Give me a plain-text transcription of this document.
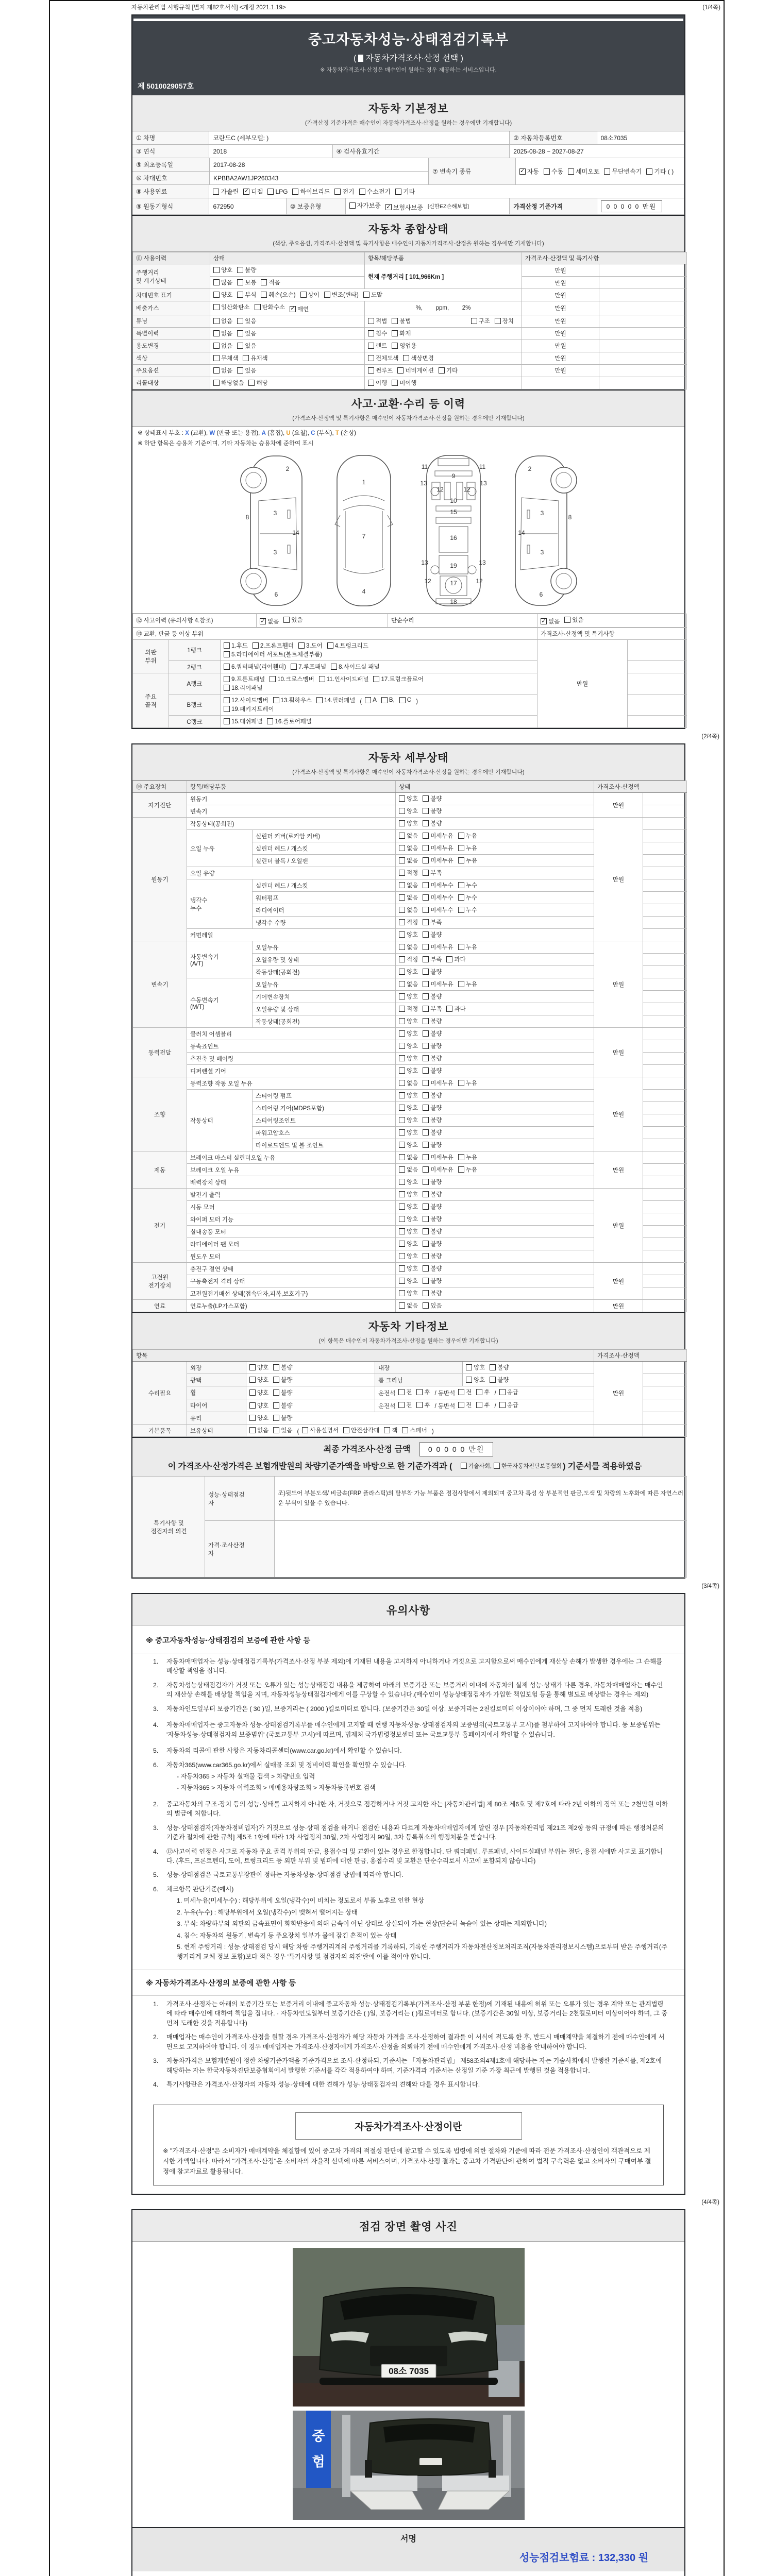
자동차관리법 시행규칙 [별지 제82호서식] <개정 2021.1.19>	(1/4쪽)
중고자동차성능·상태점검기록부
( 자동차가격조사·산정 선택 )
※ 자동차가격조사·산정은 매수인이 원하는 경우 제공하는 서비스입니다.
제 5010029057호
자동차 기본정보
(가격산정 기준가격은 매수인이 자동차가격조사·산정을 원하는 경우에만 기재합니다)
① 차명	코란도C (세부모델: )	② 자동차등록번호	08소7035
③ 연식	2018	④ 검사유효기간	2025-08-28 ~ 2027-08-27
⑤ 최초등록일	2017-08-28
⑥ 차대번호	KPBBA2AW1JP260343
⑦ 변속기 종류	✓ 자동 수동 세미오토 무단변속기 기타 ( )
⑧ 사용연료	가솔린 ✓ 디젤 LPG 하이브리드 전기 수소전기 기타
⑨ 원동기형식	672950	⑩ 보증유형	자가보증 ✓ 보험사보증 [신한EZ손해보험]	가격산정 기준가격	0 0 0 0 0 만원
자동차 종합상태
(색상, 주요옵션, 가격조사·산정액 및 특기사항은 매수인이 자동차가격조사·산정을 원하는 경우에만 기재합니다)
⑪ 사용이력	상태	항목/해당부품	가격조사·산정액 및 특기사항	
주행거리
및 계기상태	양호 불량	현재 주행거리 [ 101,966Km ]	만원	

	많음 보통 적음		만원	
차대번호 표기	양호 부식 훼손(오손) 상이 변조(변타) 도말	만원	
배출가스	일산화탄소 탄화수소 ✓ 매연	%,        ppm,        2%	만원	
튜닝	없음 있음	적법 불법 구조 장치	만원	
특별이력	없음 있음	침수 화재	만원	
용도변경	없음 있음	렌트 영업용	만원	
색상	무채색 유채색	전체도색 색상변경	만원	
주요옵션	없음 있음	썬루프 네비게이션 기타	만원	
리콜대상	해당없음 해당	이행 미이행		

사고·교환·수리 등 이력
(가격조사·산정액 및 특기사항은 매수인이 자동차가격조사·산정을 원하는 경우에만 기재합니다)
※ 상태표시 부호 : X (교환), W (판금 또는 용접), A (흠집), U (요철), C (부식), T (손상)
※ 하단 항목은 승용차 기준이며, 기타 자동차는 승용차에 준하여 표시
2
8
3
14
3
6
1
7
4
11	11
13	13
12	12
9
10
15
16
13	13
19
12	12
17
18
2
8
3
14
3
6
⑫ 사고이력 (유의사항 4.참조)	✓ 없음 있음	단순수리	✓ 없음 있음
⑬ 교환, 판금 등 이상 부위			가격조사·산정액 및 특기사항	
외판
부위	1랭크	
1.후드 2.프론트휀더 3.도어 4.트렁크리드
5.라디에이터 서포트(볼트체결부품)
	만원	
	2랭크	6.쿼터패널(리어휀더) 7.루프패널 8.사이드실 패널		

주요
골격	A랭크	
9.프론트패널 10.크로스멤버 11.인사이드패널 17.트렁크플로어
18.리어패널

B랭크	
12.사이드멤버 13.휠하우스 14.필러패널 ( A B, C )
19.패키지트레이

	C랭크	15.대쉬패널 16.플로어패널		

(2/4쪽)
자동차 세부상태
(가격조사·산정액 및 특기사항은 매수인이 자동차가격조사·산정을 원하는 경우에만 기재합니다)
⑭ 주요장치	항목/해당부품		상태	가격조사·산정액	
자기진단	원동기		양호 불량	만원	
	변속기		양호 불량		

원동기	작동상태(공회전)		양호 불량	만원	
	오일 누유	실린더 커버(로커암 커버)	없음 미세누유 누유		

		실린더 헤드 / 개스킷	없음 미세누유 누유		

		실린더 블록 / 오일팬	없음 미세누유 누유		

	오일 유량		적정 부족		

	냉각수
누수	실린더 헤드 / 개스킷	없음 미세누수 누수		

		워터펌프	없음 미세누수 누수		

		라디에이터	없음 미세누수 누수		

		냉각수 수량	적정 부족		

	커먼레일		양호 불량		

변속기	자동변속기
(A/T)	오일누유	없음 미세누유 누유	만원	
		오일유량 및 상태	적정 부족 과다		

		작동상태(공회전)	양호 불량		

	수동변속기
(M/T)	오일누유	없음 미세누유 누유		

		기어변속장치	양호 불량		

		오일유량 및 상태	적정 부족 과다		

		작동상태(공회전)	양호 불량		

동력전달	클러치 어셈블리		양호 불량	만원	
	등속죠인트		양호 불량		

	추진축 및 베어링		양호 불량		

	디퍼렌셜 기어		양호 불량		

조향	동력조향 작동 오일 누유		없음 미세누유 누유	만원	
	작동상태	스티어링 펌프	양호 불량		

		스티어링 기어(MDPS포함)	양호 불량		

		스티어링조인트	양호 불량		

		파워고압호스	양호 불량		

		타이로드엔드 및 볼 조인트	양호 불량		

제동	브레이크 마스터 실린더오일 누유		없음 미세누유 누유	만원	
	브레이크 오일 누유		없음 미세누유 누유		

	배력장치 상태		양호 불량		

전기	발전기 출력		양호 불량	만원	
	시동 모터		양호 불량		

	와이퍼 모터 기능		양호 불량		

	실내송풍 모터		양호 불량		

	라디에이터 팬 모터		양호 불량		

	윈도우 모터		양호 불량		

고전원
전기장치	충전구 절연 상태		양호 불량	만원	
	구동축전지 격리 상태		양호 불량		

	고전원전기배선 상태(접속단자,피복,보호기구)		양호 불량		

연료	연료누출(LP가스포함)		없음 있음	만원	
자동차 기타정보
(이 항목은 매수인이 자동차가격조사·산정을 원하는 경우에만 기재합니다)
항목					가격조사·산정액	
수리필요	외장	양호 불량	내장	양호 불량	만원	
	광택	양호 불량	룸 크리닝	양호 불량		

휠	양호 불량	운전석 전 후 / 동반석 전 후 / 응급

타이어	양호 불량	운전석 전 후 / 동반석 전 후 / 응급

	유리	양호 불량				

기본품목	보유상태	없음 있음 ( 사용설명서 안전삼각대 잭 스패너 )		
최종 가격조사·산정 금액 0 0 0 0 0 만원
이 가격조사·산정가격은 보험개발원의 차량기준가액을 바탕으로 한 기준가격과 (	기술사회, 한국자동차진단보증협회 ) 기준서를 적용하였음
특기사항 및
점검자의 의견	성능·상태점검
자	조)뒷도어 부분도색/ 비금속(FRP 플라스틱)의 탈부착 가능 부품은 점검사항에서 제외되며 중고차 특성 상 부분적인 판금,도색 및 차량의 노후화에 따른 자연스러운 부식이 있을 수 있습니다.
	가격·조사산정
자	
(3/4쪽)
유의사항
※ 중고자동차성능·상태점검의 보증에 관한 사항 등
1.	자동차매매업자는 성능·상태점검기록부(가격조사·산정 부분 제외)에 기재된 내용을 고지하지 아니하거나 거짓으로 고지함으로써 매수인에게 재산상 손해가 발생한 경우에는 그 손해를 배상할 책임을 집니다.
2.	자동차성능상태점검자가 거짓 또는 오류가 있는 성능상태점검 내용을 제공하여 아래의 보증기간 또는 보증거리 이내에 자동차의 실제 성능·상태가 다른 경우, 자동차매매업자는 매수인의 재산상 손해를 배상할 책임을 지며, 자동차성능상태점검자에게 이를 구상할 수 있습니다.(매수인이 성능상태점검자가 가입한 책임보험 등을 통해 별도로 배상받는 경우는 제외)
3.	자동차인도일부터 보증기간은 ( 30 )일, 보증거리는 ( 2000 )킬로미터로 합니다. (보증기간은 30일 이상, 보증거리는 2천킬로미터 이상이어야 하며, 그 중 먼저 도래한 것을 적용)
4.	자동차매매업자는 중고자동차 성능·상태점검기록부를 매수인에게 고지할 때 현행 자동차성능·상태점검자의 보증범위(국토교통부 고시)를 첨부하여 고지하여야 합니다. 동 보증범위는 '자동차성능·상태점검자의 보증범위' (국토교통부 고시)에 따르며, 법제처 국가법령정보센터 또는 국토교통부 홈페이지에서 확인할 수 있습니다.
5.	자동차의 리콜에 관한 사항은 자동차리콜센터(www.car.go.kr)에서 확인할 수 있습니다.
6.	자동차365(www.car365.go.kr)에서 실매물 조회 및 정비이력 확인을 확인할 수 있습니다.
- 자동차365 > 자동차 실매물 검색 > 차량번호 입력
- 자동차365 > 자동차 이력조회 > 매매용차량조회 > 자동차등록번호 검색
2.	중고자동차의 구조·장치 등의 성능·상태를 고지하지 아니한 자, 거짓으로 점검하거나 거짓 고지한 자는 [자동차관리법] 제 80조 제6호 및 제7호에 따라 2년 이하의 징역 또는 2천만원 이하의 벌금에 처합니다.
3.	성능·상태점검자(자동차정비업자)가 거짓으로 성능·상태 점검을 하거나 점검한 내용과 다르게 자동차매매업자에게 알린 경우 [자동차관리법 제21조 제2항 등의 규정에 따른 행정처분의 기준과 절차에 관한 규칙] 제5조 1항에 따라 1차 사업정지 30일, 2차 사업정지 90일, 3차 등록취소의 행정처분을 받습니다.
4.	⑫사고이력 인정은 사고로 자동차 주요 골격 부위의 판금, 용접수리 및 교환이 있는 경우로 한정합니다. 단 쿼터패널, 루프패널, 사이드실패널 부위는 절단, 용접 시에만 사고로 표기합니다. (후드, 프론트펜더, 도어, 트렁크리드 등 외판 부위 및 범퍼에 대한 판금, 용접수리 및 교환은 단순수리로서 사고에 포함되지 않습니다)
5.	성능·상태점검은 국토교통부장관이 정하는 자동차성능·상태점검 방법에 따라야 합니다.
6.	체크항목 판단기준(예시)
1. 미세누유(미세누수) : 해당부위에 오일(냉각수)이 비치는 정도로서 부품 노후로 인한 현상
2. 누유(누수) : 해당부위에서 오일(냉각수)이 맺혀서 떨어지는 상태
3. 부식: 차량하부와 외판의 금속표면이 화학반응에 의해 금속이 아닌 상태로 상실되어 가는 현상(단순히 녹슬어 있는 상태는 제외합니다)
4. 침수: 자동차의 원동기, 변속기 등 주요장치 일부가 물에 잠긴 흔적이 있는 상태
5. 현재 주행거리 : 성능·상태점검 당시 해당 차량 주행거리계의 주행거리를 기록하되, 기록한 주행거리가 자동차전산정보처리조직(자동차관리정보시스템)으로부터 받은 주행거리(주행거리계 교체 정보 포함)보다 적은 경우 '특기사항 및 점검자의 의견'란에 이를 적어야 합니다.
※ 자동차가격조사·산정의 보증에 관한 사항 등
1.	가격조사·산정자는 아래의 보증기간 또는 보증거리 이내에 중고자동차 성능·상태점검기록부(가격조사·산정 부분 한정)에 기재된 내용에 허위 또는 오류가 있는 경우 계약 또는 관계법령에 따라 매수인에 대하여 책임을 집니다. · 자동차인도일부터 보증기간은 ( )일, 보증거리는 ( )킬로미터로 합니다. (보증기간은 30일 이상, 보증거리는 2천킬로미터 이상이어야 하며, 그 중 먼저 도래한 것을 적용합니다)
2.	매매업자는 매수인이 가격조사·산정을 원할 경우 가격조사·산정자가 해당 자동차 가격을 조사·산정하여 결과를 이 서식에 적도록 한 후, 반드시 매매계약을 체결하기 전에 매수인에게 서면으로 고지하여야 합니다. 이 경우 매매업자는 가격조사·산정자에게 가격조사·산정을 의뢰하기 전에 매수인에게 가격조사·산정 비용을 안내하여야 합니다.
3.	자동차가격은 보험개발원이 정한 차량기준가액을 기준가격으로 조사·산정하되, 기준서는 「자동차관리법」 제58조의4제1호에 해당하는 자는 기술사회에서 발행한 기준서를, 제2호에 해당하는 자는 한국자동차진단보증협회에서 발행한 기준서를 각각 적용하여야 하며, 기준가격과 기준서는 산정일 기준 가장 최근에 발행된 것을 적용합니다.
4.	특기사항란은 가격조사·산정자의 자동차 성능·상태에 대한 견해가 성능·상태점검자의 견해와 다를 경우 표시합니다.
자동차가격조사·산정이란
※ "가격조사·산정"은 소비자가 매매계약을 체결함에 있어 중고차 가격의 적절성 판단에 참고할 수 있도록 법령에 의한 절차와 기준에 따라 전문 가격조사·산정인이 객관적으로 제시한 가액입니다. 따라서 "가격조사·산정"은 소비자의 자율적 선택에 따른 서비스이며, 가격조사·산정 결과는 중고차 가격판단에 관하여 법적 구속력은 없고 소비자의 구매여부 결정에 참고자료로 활용됩니다.
(4/4쪽)
점검 장면 촬영 사진
08소 7035
중
험
서명
성능점검보험료 : 132,330 원
